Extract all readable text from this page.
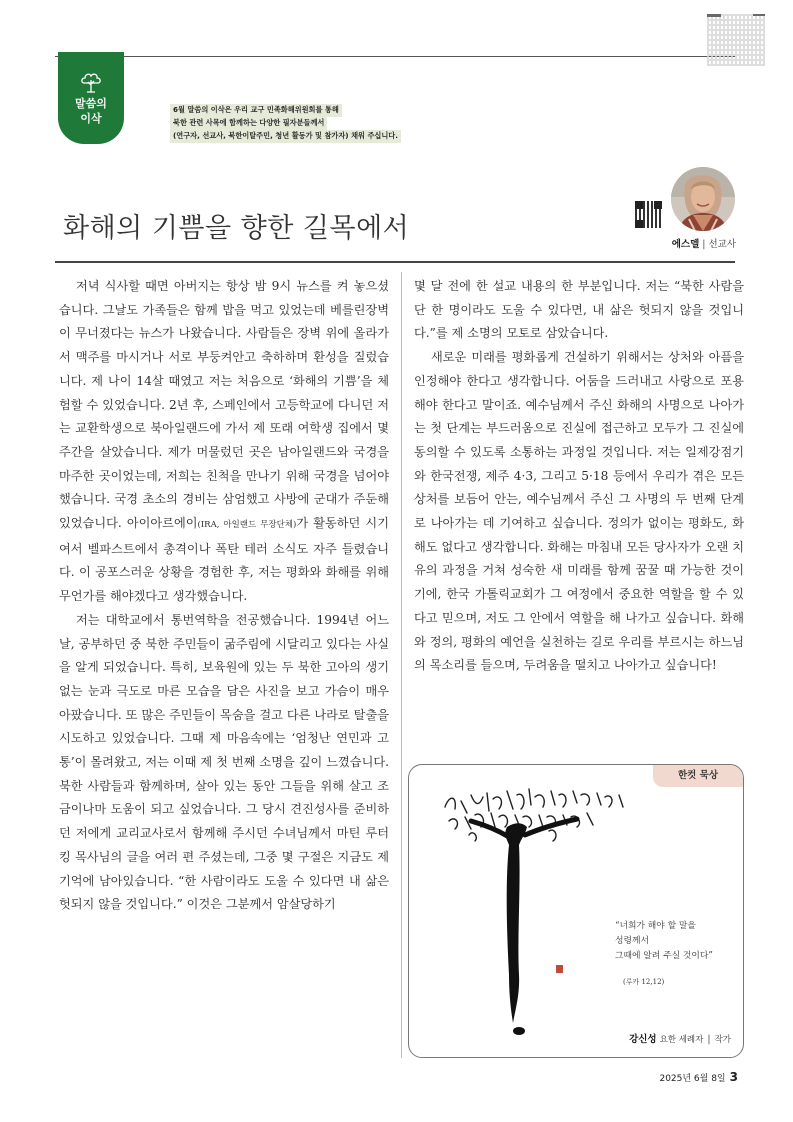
말씀의
이삭
6월 말씀의 이삭은 우리 교구 민족화해위원회를 통해
북한 관련 사목에 함께하는 다양한 필자분들께서
(연구자, 선교사, 북한이탈주민, 청년 활동가 및 참가자) 채워 주십니다.
화해의 기쁨을 향한 길목에서
에스델 | 선교사

저녁 식사할 때면 아버지는 항상 밤 9시 뉴스를 켜 놓으셨습니다. 그날도 가족들은 함께 밥을 먹고 있었는데 베를린장벽이 무너졌다는 뉴스가 나왔습니다. 사람들은 장벽 위에 올라가서 맥주를 마시거나 서로 부둥켜안고 축하하며 환성을 질렀습니다. 제 나이 14살 때였고 저는 처음으로 ‘화해의 기쁨’을 체험할 수 있었습니다. 2년 후, 스페인에서 고등학교에 다니던 저는 교환학생으로 북아일랜드에 가서 제 또래 여학생 집에서 몇 주간을 살았습니다. 제가 머물렀던 곳은 남아일랜드와 국경을 마주한 곳이었는데, 저희는 친척을 만나기 위해 국경을 넘어야 했습니다. 국경 초소의 경비는 삼엄했고 사방에 군대가 주둔해 있었습니다. 아이아르에이(IRA, 아일랜드 무장단체)가 활동하던 시기여서 벨파스트에서 총격이나 폭탄 테러 소식도 자주 들렸습니다. 이 공포스러운 상황을 경험한 후, 저는 평화와 화해를 위해 무언가를 해야겠다고 생각했습니다.

저는 대학교에서 통번역학을 전공했습니다. 1994년 어느 날, 공부하던 중 북한 주민들이 굶주림에 시달리고 있다는 사실을 알게 되었습니다. 특히, 보육원에 있는 두 북한 고아의 생기 없는 눈과 극도로 마른 모습을 담은 사진을 보고 가슴이 매우 아팠습니다. 또 많은 주민들이 목숨을 걸고 다른 나라로 탈출을 시도하고 있었습니다. 그때 제 마음속에는 ‘엄청난 연민과 고통’이 몰려왔고, 저는 이때 제 첫 번째 소명을 깊이 느꼈습니다. 북한 사람들과 함께하며, 살아 있는 동안 그들을 위해 살고 조금이나마 도움이 되고 싶었습니다. 그 당시 견진성사를 준비하던 저에게 교리교사로서 함께해 주시던 수녀님께서 마틴 루터 킹 목사님의 글을 여러 편 주셨는데, 그중 몇 구절은 지금도 제 기억에 남아있습니다. “한 사람이라도 도울 수 있다면 내 삶은 헛되지 않을 것입니다.” 이것은 그분께서 암살당하기

몇 달 전에 한 설교 내용의 한 부분입니다. 저는 “북한 사람을 단 한 명이라도 도울 수 있다면, 내 삶은 헛되지 않을 것입니다.”를 제 소명의 모토로 삼았습니다.

새로운 미래를 평화롭게 건설하기 위해서는 상처와 아픔을 인정해야 한다고 생각합니다. 어둠을 드러내고 사랑으로 포용해야 한다고 말이죠. 예수님께서 주신 화해의 사명으로 나아가는 첫 단계는 부드러움으로 진실에 접근하고 모두가 그 진실에 동의할 수 있도록 소통하는 과정일 것입니다. 저는 일제강점기와 한국전쟁, 제주 4·3, 그리고 5·18 등에서 우리가 겪은 모든 상처를 보듬어 안는, 예수님께서 주신 그 사명의 두 번째 단계로 나아가는 데 기여하고 싶습니다. 정의가 없이는 평화도, 화해도 없다고 생각합니다. 화해는 마침내 모든 당사자가 오랜 치유의 과정을 거쳐 성숙한 새 미래를 함께 꿈꿀 때 가능한 것이기에, 한국 가톨릭교회가 그 여정에서 중요한 역할을 할 수 있다고 믿으며, 저도 그 안에서 역할을 해 나가고 싶습니다. 화해와 정의, 평화의 예언을 실천하는 길로 우리를 부르시는 하느님의 목소리를 들으며, 두려움을 떨치고 나아가고 싶습니다!

한컷 묵상
“너희가 해야 할 말을
성령께서
그때에 알려 주실 것이다”
(루카 12,12)
강신성 요한 세례자 | 작가
2025년 6월 8일 3
